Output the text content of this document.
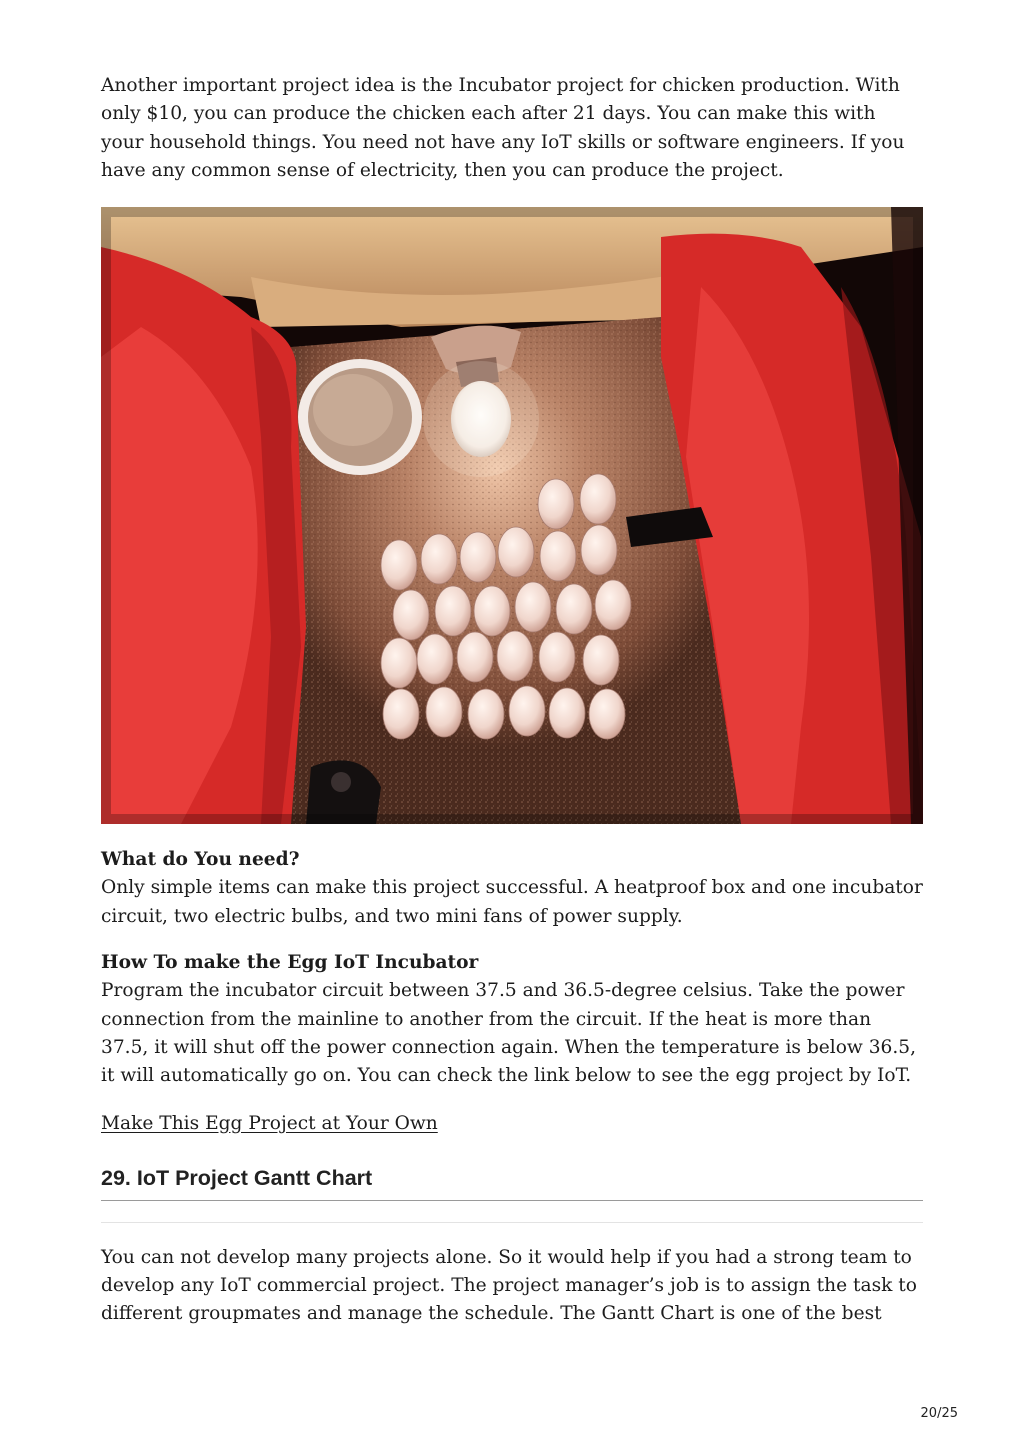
Another important project idea is the Incubator project for chicken production. With only $10, you can produce the chicken each after 21 days. You can make this with your household things. You need not have any IoT skills or software engineers. If you have any common sense of electricity, then you can produce the project.

What do You need?

Only simple items can make this project successful. A heatproof box and one incubator circuit, two electric bulbs, and two mini fans of power supply.

How To make the Egg IoT Incubator

Program the incubator circuit between 37.5 and 36.5-degree celsius. Take the power connection from the mainline to another from the circuit. If the heat is more than 37.5, it will shut off the power connection again. When the temperature is below 36.5, it will automatically go on. You can check the link below to see the egg project by IoT.

Make This Egg Project at Your Own
29. IoT Project Gantt Chart

You can not develop many projects alone. So it would help if you had a strong team to develop any IoT commercial project. The project manager’s job is to assign the task to different groupmates and manage the schedule. The Gantt Chart is one of the best

20/25
